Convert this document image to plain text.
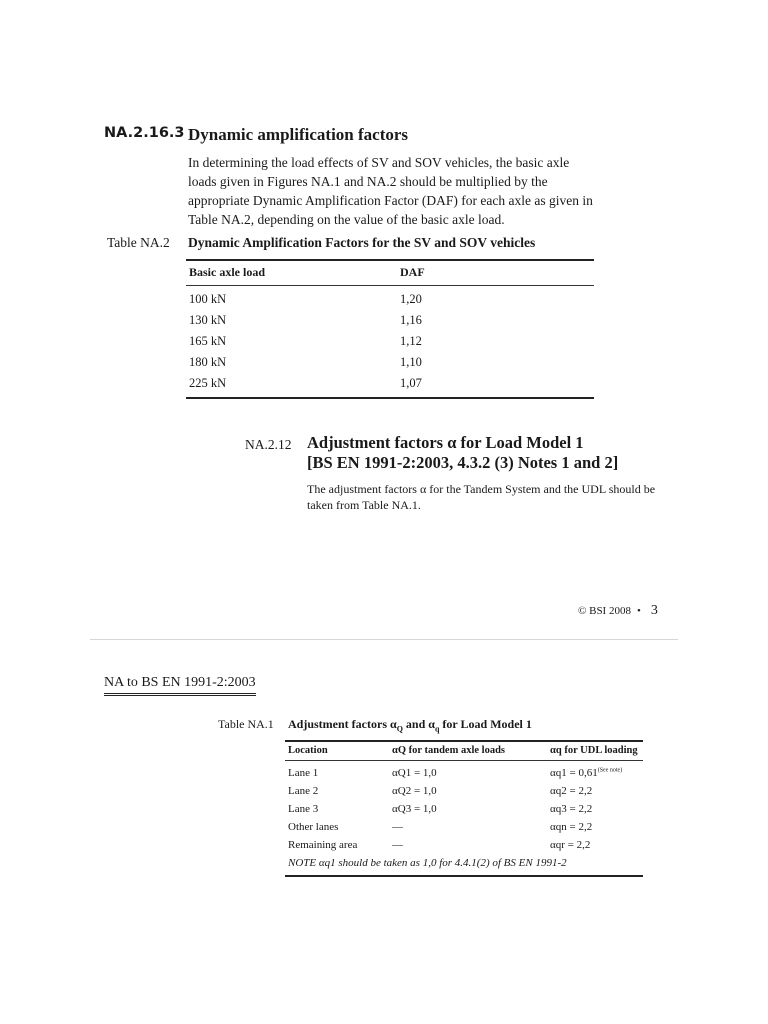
NA.2.16.3 Dynamic amplification factors
In determining the load effects of SV and SOV vehicles, the basic axle loads given in Figures NA.1 and NA.2 should be multiplied by the appropriate Dynamic Amplification Factor (DAF) for each axle as given in Table NA.2, depending on the value of the basic axle load.
Table NA.2 Dynamic Amplification Factors for the SV and SOV vehicles
Basic axle load	DAF
100 kN	1,20
130 kN	1,16
165 kN	1,12
180 kN	1,10
225 kN	1,07
NA.2.12 Adjustment factors α for Load Model 1
[BS EN 1991-2:2003, 4.3.2 (3) Notes 1 and 2]
The adjustment factors α for the Tandem System and the UDL should be taken from Table NA.1.
© BSI 2008 • 3
NA to BS EN 1991-2:2003
Table NA.1 Adjustment factors $\alpha_Q$ and $\alpha_q$ for Load Model 1
Location	αQ for tandem axle loads	αq for UDL loading
Lane 1	αQ1 = 1,0	$\alpha q1 = 0,61^{(See note)}$
Lane 2	αQ2 = 1,0	αq2 = 2,2
Lane 3	αQ3 = 1,0	αq3 = 2,2
Other lanes	—	αqn = 2,2
Remaining area	—	αqr = 2,2
NOTE αq1 should be taken as 1,0 for 4.4.1(2) of BS EN 1991-2		
